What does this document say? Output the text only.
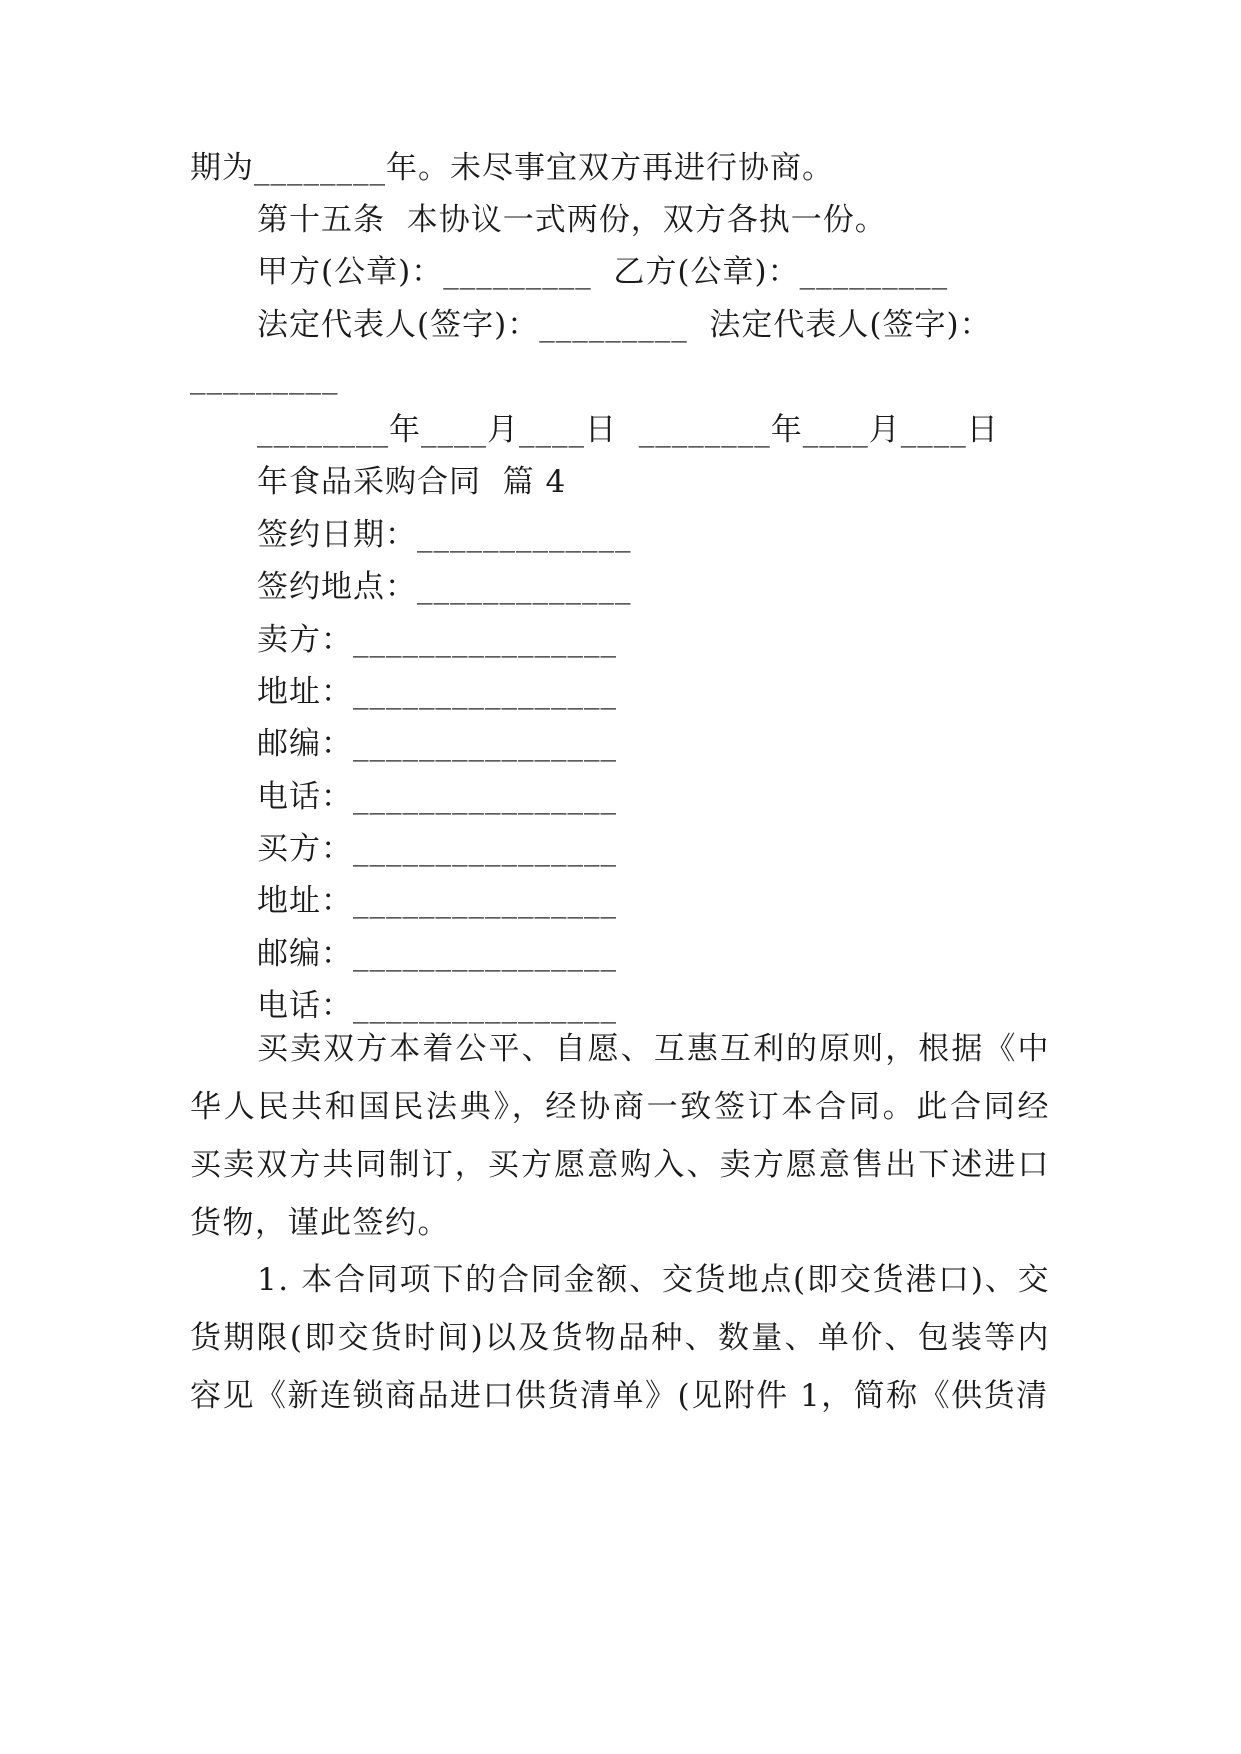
期为________年。未尽事宜双方再进行协商。
第十五条  本协议一式两份，双方各执一份。
甲方(公章)：_________  乙方(公章)：_________
法定代表人(签字)：_________  法定代表人(签字)：
_________
________年____月____日  ________年____月____日
年食品采购合同  篇 4
签约日期：_____________
签约地点：_____________
卖方：________________
地址：________________
邮编：________________
电话：________________
买方：________________
地址：________________
邮编：________________
电话：________________

买卖双方本着公平、自愿、互惠互利的原则，根据《中华人民共和国民法典》，经协商一致签订本合同。此合同经买卖双方共同制订，买方愿意购入、卖方愿意售出下述进口货物，谨此签约。

1. 本合同项下的合同金额、交货地点(即交货港口)、交货期限(即交货时间)以及货物品种、数量、单价、包装等内容见《新连锁商品进口供货清单》(见附件 1，简称《供货清
